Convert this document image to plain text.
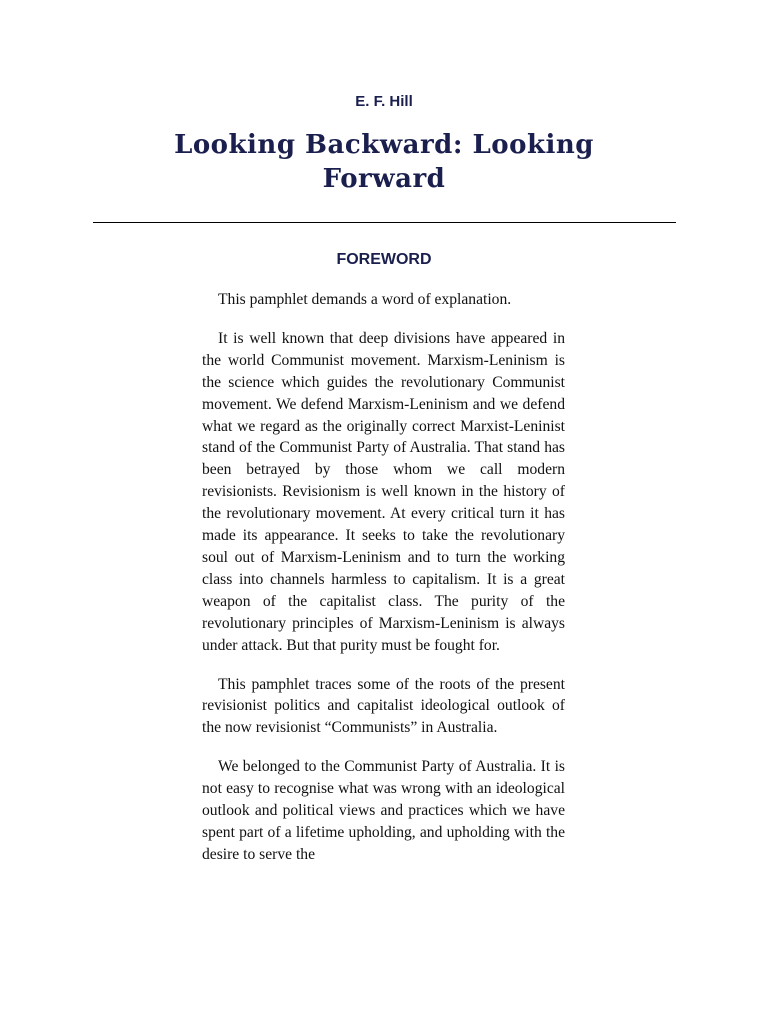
E. F. Hill
Looking Backward: Looking Forward
FOREWORD

This pamphlet demands a word of explanation.

It is well known that deep divisions have appeared in the world Communist movement. Marxism-Leninism is the science which guides the revolutionary Communist movement. We defend Marxism-Leninism and we defend what we regard as the originally correct Marxist-Leninist stand of the Communist Party of Australia. That stand has been betrayed by those whom we call modern revisionists. Revisionism is well known in the history of the revolutionary movement. At every critical turn it has made its appearance. It seeks to take the revolutionary soul out of Marxism-Leninism and to turn the working class into channels harmless to capitalism. It is a great weapon of the capitalist class. The purity of the revolutionary principles of Marxism-Leninism is always under attack. But that purity must be fought for.

This pamphlet traces some of the roots of the present revisionist politics and capitalist ideological outlook of the now revisionist “Communists” in Australia.

We belonged to the Communist Party of Australia. It is not easy to recognise what was wrong with an ideological outlook and political views and practices which we have spent part of a lifetime upholding, and upholding with the desire to serve the
